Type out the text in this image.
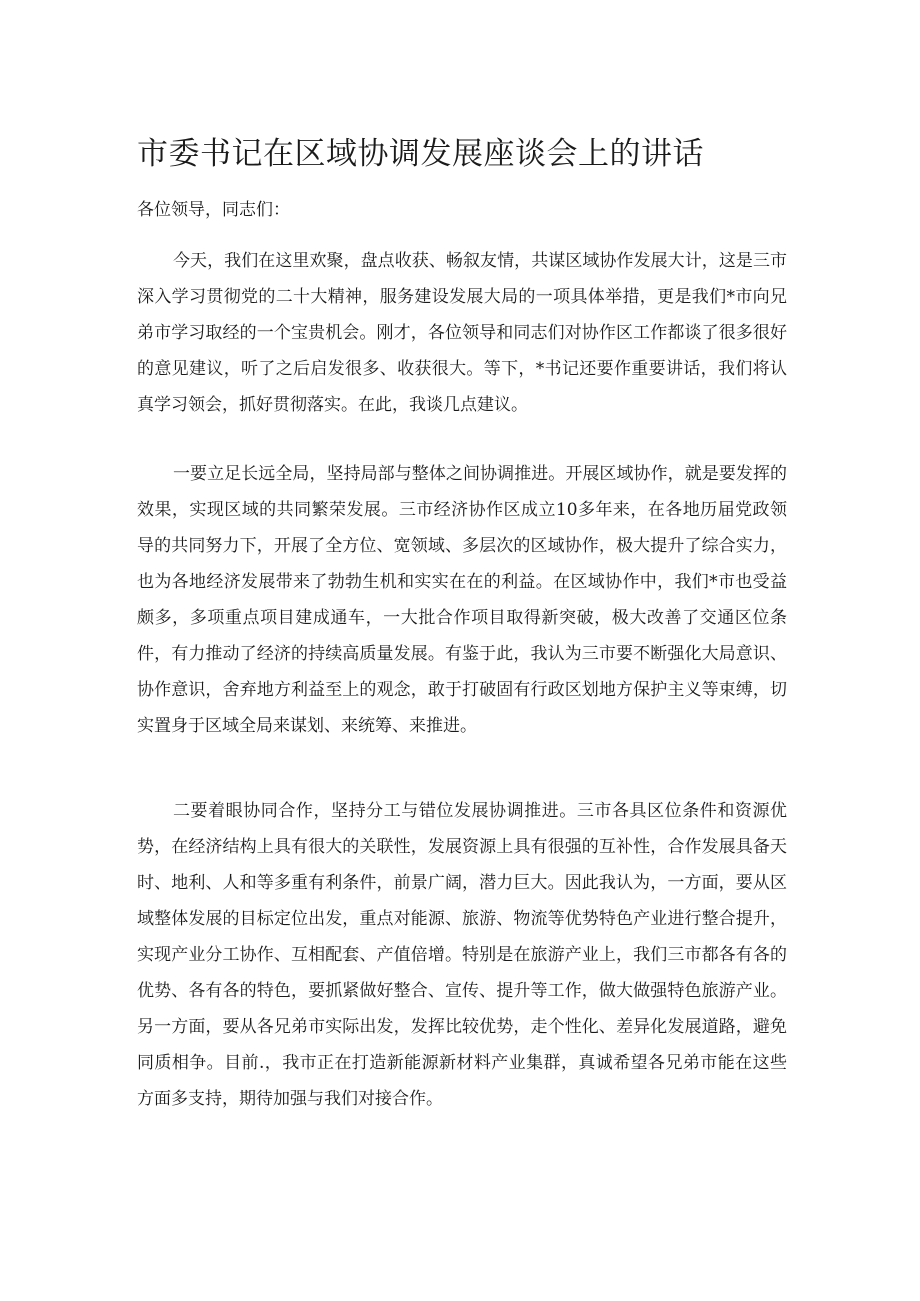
市委书记在区域协调发展座谈会上的讲话

各位领导，同志们：

今天，我们在这里欢聚，盘点收获、畅叙友情，共谋区域协作发展大计，这是三市深入学习贯彻党的二十大精神，服务建设发展大局的一项具体举措，更是我们*市向兄弟市学习取经的一个宝贵机会。刚才，各位领导和同志们对协作区工作都谈了很多很好的意见建议，听了之后启发很多、收获很大。等下，*书记还要作重要讲话，我们将认真学习领会，抓好贯彻落实。在此，我谈几点建议。

一要立足长远全局，坚持局部与整体之间协调推进。开展区域协作，就是要发挥的效果，实现区域的共同繁荣发展。三市经济协作区成立10多年来，在各地历届党政领导的共同努力下，开展了全方位、宽领域、多层次的区域协作，极大提升了综合实力，也为各地经济发展带来了勃勃生机和实实在在的利益。在区域协作中，我们*市也受益颇多，多项重点项目建成通车，一大批合作项目取得新突破，极大改善了交通区位条件，有力推动了经济的持续高质量发展。有鉴于此，我认为三市要不断强化大局意识、协作意识，舍弃地方利益至上的观念，敢于打破固有行政区划地方保护主义等束缚，切实置身于区域全局来谋划、来统筹、来推进。

二要着眼协同合作，坚持分工与错位发展协调推进。三市各具区位条件和资源优势，在经济结构上具有很大的关联性，发展资源上具有很强的互补性，合作发展具备天时、地利、人和等多重有利条件，前景广阔，潜力巨大。因此我认为，一方面，要从区域整体发展的目标定位出发，重点对能源、旅游、物流等优势特色产业进行整合提升，实现产业分工协作、互相配套、产值倍增。特别是在旅游产业上，我们三市都各有各的优势、各有各的特色，要抓紧做好整合、宣传、提升等工作，做大做强特色旅游产业。另一方面，要从各兄弟市实际出发，发挥比较优势，走个性化、差异化发展道路，避免同质相争。目前.，我市正在打造新能源新材料产业集群，真诚希望各兄弟市能在这些方面多支持，期待加强与我们对接合作。
